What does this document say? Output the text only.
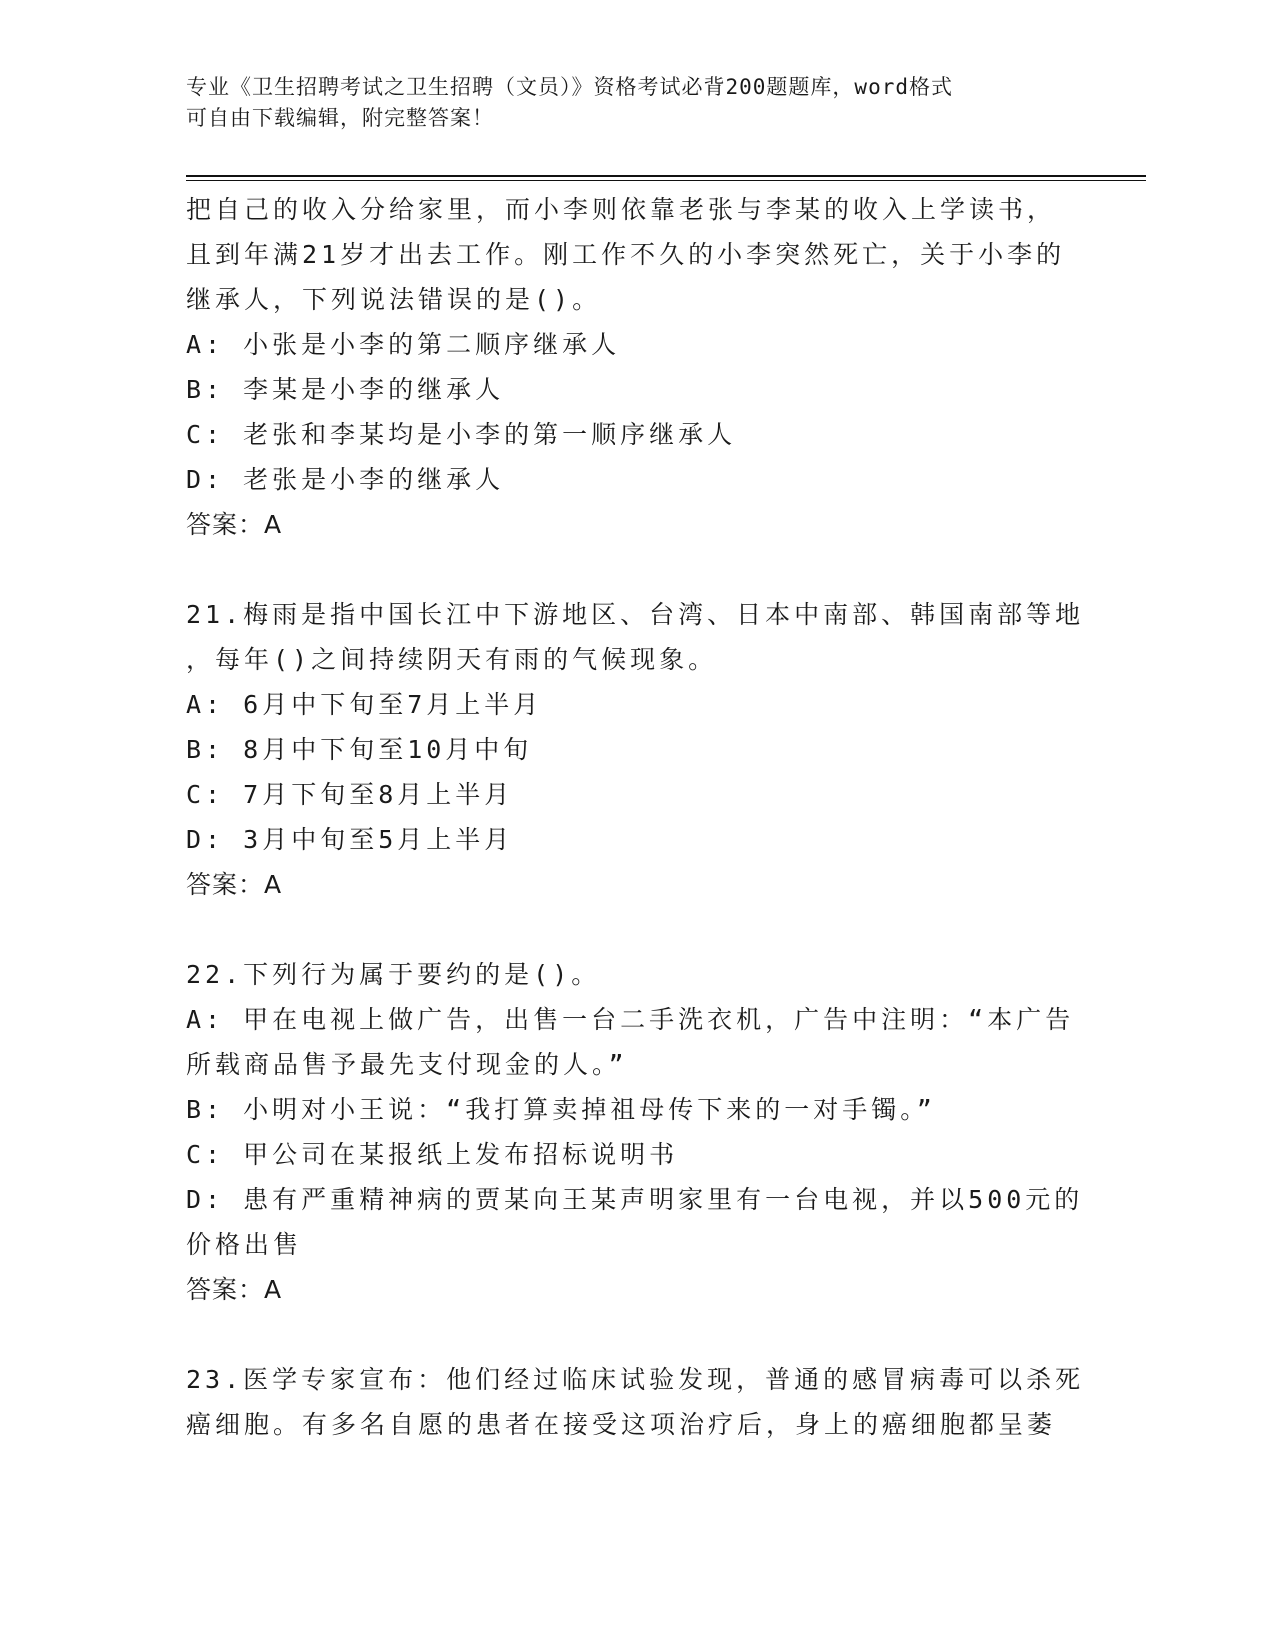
专业《卫生招聘考试之卫生招聘（文员）》资格考试必背200题题库，word格式
可自由下载编辑，附完整答案！
把自己的收入分给家里，而小李则依靠老张与李某的收入上学读书，
且到年满21岁才出去工作。刚工作不久的小李突然死亡，关于小李的
继承人，下列说法错误的是()。
A: 小张是小李的第二顺序继承人
B: 李某是小李的继承人
C: 老张和李某均是小李的第一顺序继承人
D: 老张是小李的继承人
答案：A
21.梅雨是指中国长江中下游地区、台湾、日本中南部、韩国南部等地
，每年()之间持续阴天有雨的气候现象。
A: 6月中下旬至7月上半月
B: 8月中下旬至10月中旬
C: 7月下旬至8月上半月
D: 3月中旬至5月上半月
答案：A
22.下列行为属于要约的是()。
A: 甲在电视上做广告，出售一台二手洗衣机，广告中注明：“本广告
所载商品售予最先支付现金的人。”
B: 小明对小王说：“我打算卖掉祖母传下来的一对手镯。”
C: 甲公司在某报纸上发布招标说明书
D: 患有严重精神病的贾某向王某声明家里有一台电视，并以500元的
价格出售
答案：A
23.医学专家宣布：他们经过临床试验发现，普通的感冒病毒可以杀死
癌细胞。有多名自愿的患者在接受这项治疗后，身上的癌细胞都呈萎
